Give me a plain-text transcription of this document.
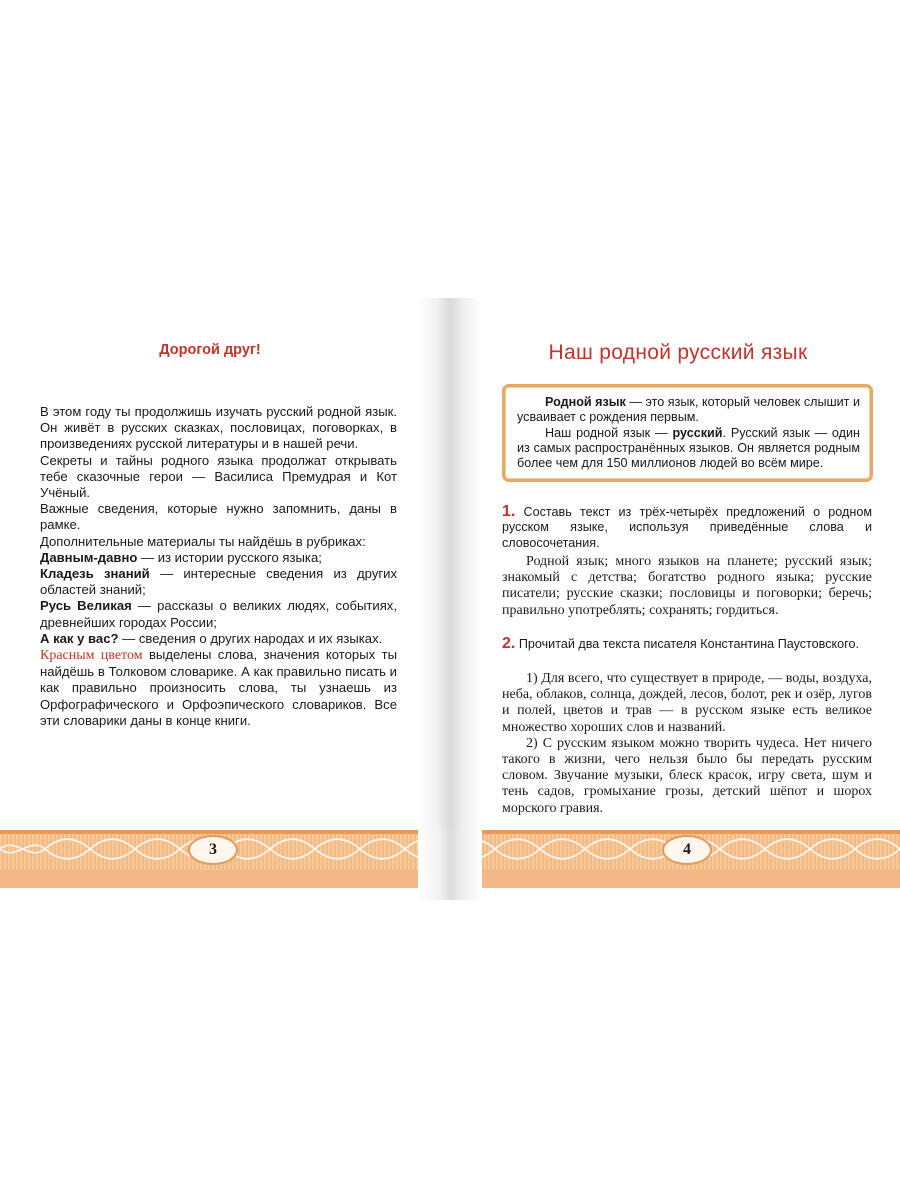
Дорогой друг!

В этом году ты продолжишь изучать русский родной язык. Он живёт в русских сказках, пословицах, поговорках, в произведениях русской литературы и в нашей речи.

Секреты и тайны родного языка продолжат открывать тебе сказочные герои — Василиса Премудрая и Кот Учёный.

Важные сведения, которые нужно запомнить, даны в рамке.

Дополнительные материалы ты найдёшь в рубриках:

Давным-давно — из истории русского языка;

Кладезь знаний — интересные сведения из других областей знаний;

Русь Великая — рассказы о великих людях, событиях, древнейших городах России;

А как у вас? — сведения о других народах и их языках.

Красным цветом выделены слова, значения которых ты найдёшь в Толковом словарике. А как правильно писать и как правильно произносить слова, ты узнаешь из Орфографического и Орфоэпического словариков. Все эти словарики даны в конце книги.

Наш родной русский язык

Родной язык — это язык, который человек слышит и усваивает с рождения первым.

Наш родной язык — русский. Русский язык — один из самых распространённых языков. Он является родным более чем для 150 миллионов людей во всём мире.

1. Составь текст из трёх-четырёх предложений о родном русском языке, используя приведённые слова и словосочетания.

Родной язык; много языков на планете; русский язык; знакомый с детства; богатство родного языка; русские писатели; русские сказки; пословицы и поговорки; беречь; правильно употреблять; сохранять; гордиться.

2. Прочитай два текста писателя Константина Паустовского.

1) Для всего, что существует в природе, — воды, воздуха, неба, облаков, солнца, дождей, лесов, болот, рек и озёр, лугов и полей, цветов и трав — в русском языке есть великое множество хороших слов и названий.

2) С русским языком можно творить чудеса. Нет ничего такого в жизни, чего нельзя было бы передать русским словом. Звучание музыки, блеск красок, игру света, шум и тень садов, громыхание грозы, детский шёпот и шорох морского гравия.

3	4
